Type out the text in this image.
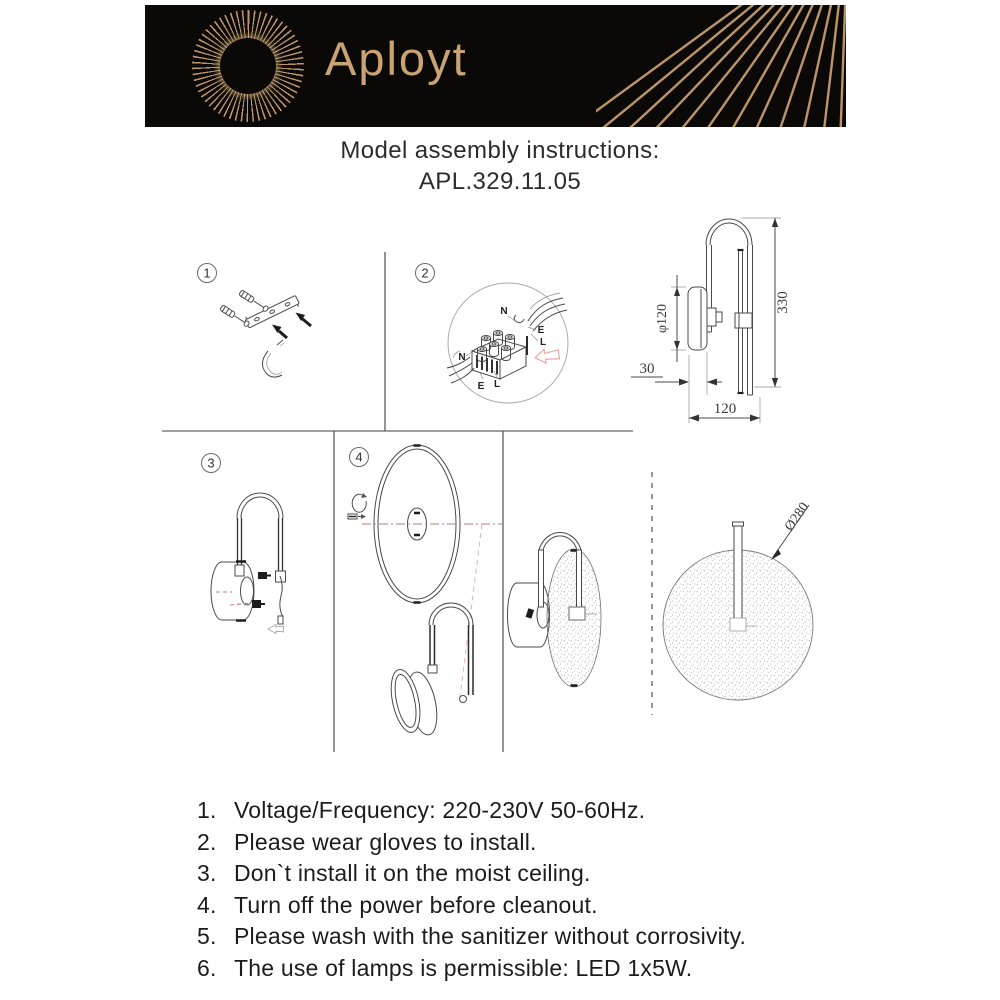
Aployt
Model assembly instructions:
APL.329.11.05
1	2
3	4
N
E
L
N
E L
Ø280
330
φ120
30
120
1. Voltage/Frequency: 220-230V 50-60Hz.
2. Please wear gloves to install.
3. Don`t install it on the moist ceiling.
4. Turn off the power before cleanout.
5. Please wash with the sanitizer without corrosivity.
6. The use of lamps is permissible: LED 1x5W.
